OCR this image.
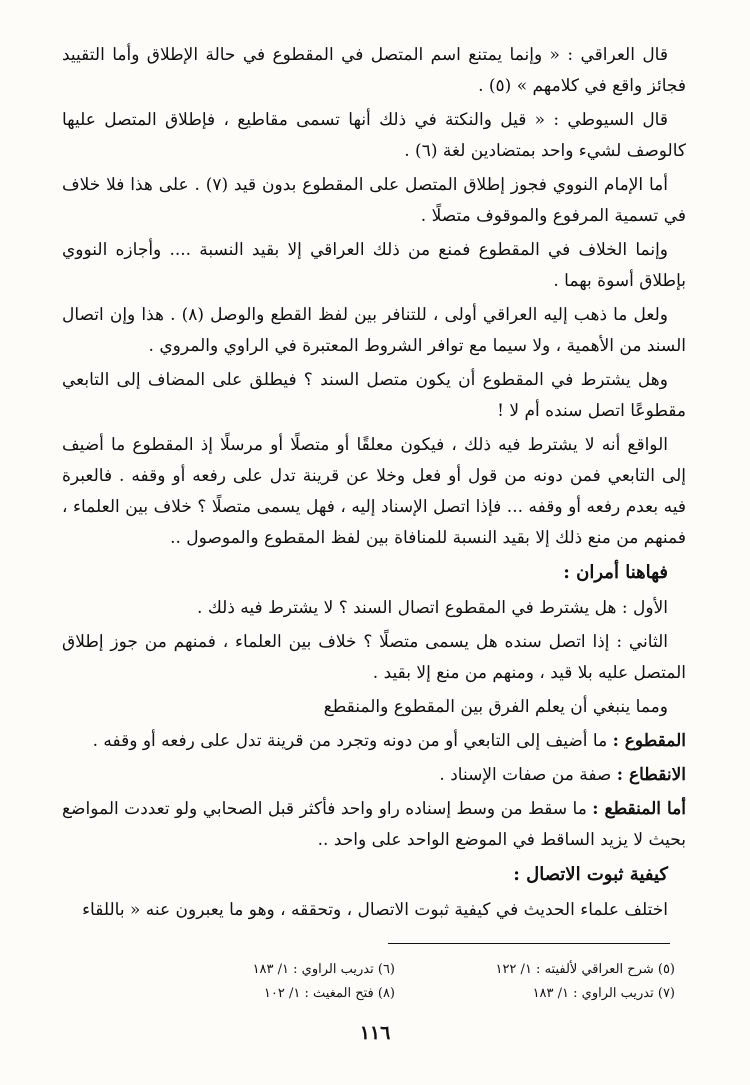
قال العراقي : « وإنما يمتنع اسم المتصل في المقطوع في حالة الإطلاق وأما التقييد فجائز واقع في كلامهم » (٥) .

قال السيوطي : « قيل والنكتة في ذلك أنها تسمى مقاطيع ، فإطلاق المتصل عليها كالوصف لشيء واحد بمتضادين لغة (٦) .

أما الإمام النووي فجوز إطلاق المتصل على المقطوع بدون قيد (٧) . على هذا فلا خلاف في تسمية المرفوع والموقوف متصلًا .

وإنما الخلاف في المقطوع فمنع من ذلك العراقي إلا بقيد النسبة .... وأجازه النووي بإطلاق أسوة بهما .

ولعل ما ذهب إليه العراقي أولى ، للتنافر بين لفظ القطع والوصل (٨) . هذا وإن اتصال السند من الأهمية ، ولا سيما مع توافر الشروط المعتبرة في الراوي والمروي .

وهل يشترط في المقطوع أن يكون متصل السند ؟ فيطلق على المضاف إلى التابعي مقطوعًا اتصل سنده أم لا !

الواقع أنه لا يشترط فيه ذلك ، فيكون معلقًا أو متصلًا أو مرسلًا إذ المقطوع ما أضيف إلى التابعي فمن دونه من قول أو فعل وخلا عن قرينة تدل على رفعه أو وقفه . فالعبرة فيه بعدم رفعه أو وقفه ... فإذا اتصل الإسناد إليه ، فهل يسمى متصلًا ؟ خلاف بين العلماء ، فمنهم من منع ذلك إلا بقيد النسبة للمنافاة بين لفظ المقطوع والموصول ..

فهاهنا أمران :

الأول : هل يشترط في المقطوع اتصال السند ؟ لا يشترط فيه ذلك .

الثاني : إذا اتصل سنده هل يسمى متصلًا ؟ خلاف بين العلماء ، فمنهم من جوز إطلاق المتصل عليه بلا قيد ، ومنهم من منع إلا بقيد .

ومما ينبغي أن يعلم الفرق بين المقطوع والمنقطع

المقطوع : ما أضيف إلى التابعي أو من دونه وتجرد من قرينة تدل على رفعه أو وقفه .

الانقطاع : صفة من صفات الإسناد .

أما المنقطع : ما سقط من وسط إسناده راو واحد فأكثر قبل الصحابي ولو تعددت المواضع بحيث لا يزيد الساقط في الموضع الواحد على واحد ..

كيفية ثبوت الاتصال :

اختلف علماء الحديث في كيفية ثبوت الاتصال ، وتحققه ، وهو ما يعبرون عنه « باللقاء

(٥) شرح العراقي لألفيته : ١/ ١٢٢
(٦) تدريب الراوي : ١/ ١٨٣
(٧) تدريب الراوي : ١/ ١٨٣
(٨) فتح المغيث : ١/ ١٠٢
١١٦
